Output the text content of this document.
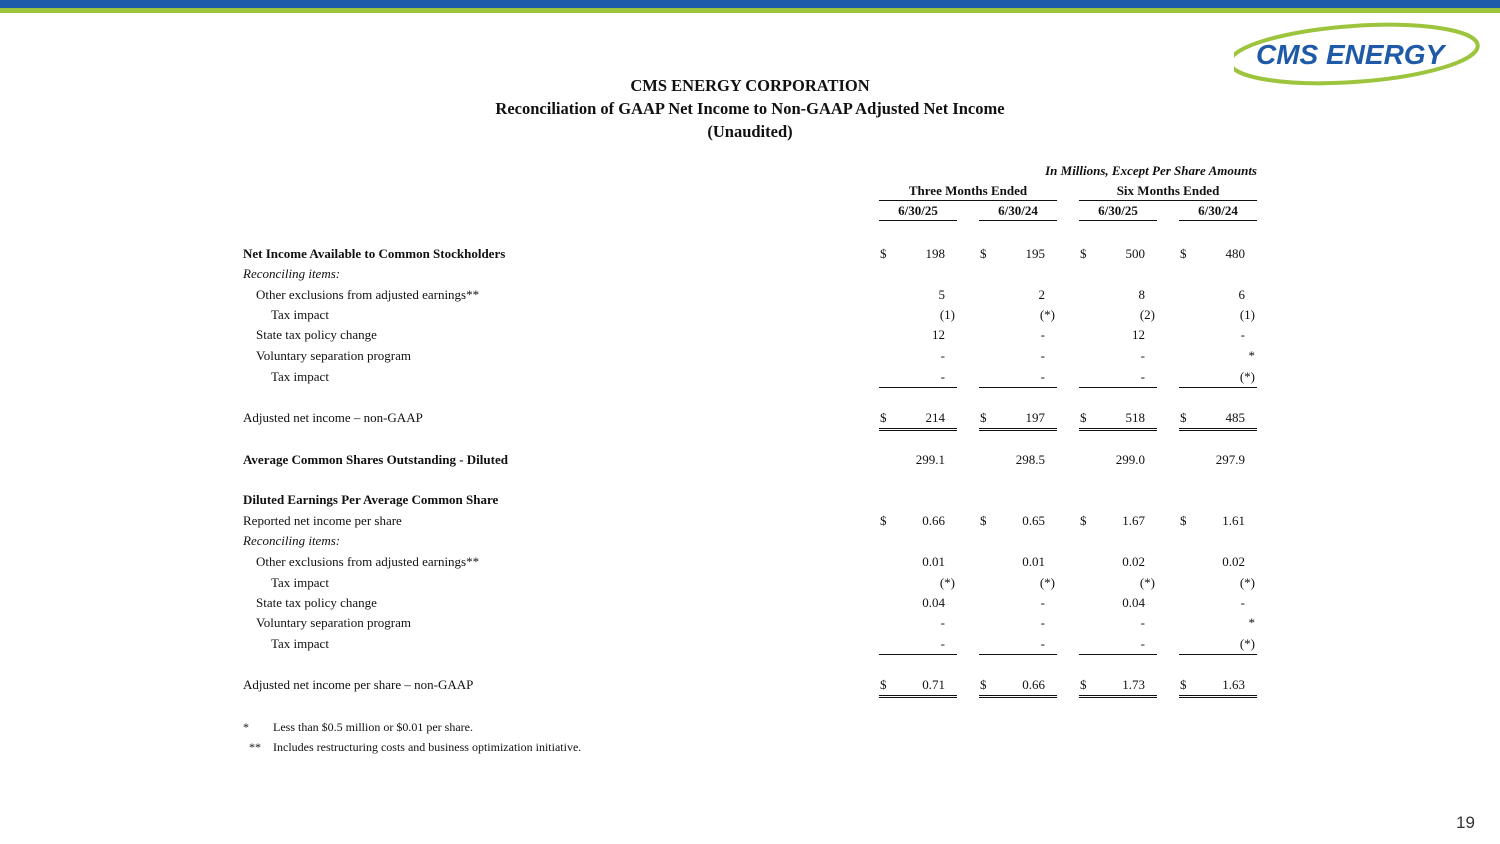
CMS ENERGY
CMS ENERGY CORPORATION
Reconciliation of GAAP Net Income to Non-GAAP Adjusted Net Income
(Unaudited)
In Millions, Except Per Share Amounts
Three Months Ended	Six Months Ended
6/30/25	6/30/24	6/30/25	6/30/24
Net Income Available to Common Stockholders	$	198	$	195	$	500	$	480
Reconciling items:
Other exclusions from adjusted earnings**	5	2	8	6
Tax impact	(1)	(*)	(2)	(1)
State tax policy change	12	-	12	-
Voluntary separation program	-	-	-	*
Tax impact	-	-	-	(*)
Adjusted net income – non-GAAP	$	214	$	197	$	518	$	485
Average Common Shares Outstanding - Diluted	299.1	298.5	299.0	297.9
Diluted Earnings Per Average Common Share
Reported net income per share	$	0.66	$	0.65	$	1.67	$	1.61
Reconciling items:
Other exclusions from adjusted earnings**	0.01	0.01	0.02	0.02
Tax impact	(*)	(*)	(*)	(*)
State tax policy change	0.04	-	0.04	-
Voluntary separation program	-	-	-	*
Tax impact	-	-	-	(*)
Adjusted net income per share – non-GAAP	$	0.71	$	0.66	$	1.73	$	1.63
* Less than $0.5 million or $0.01 per share.
** Includes restructuring costs and business optimization initiative.
19
